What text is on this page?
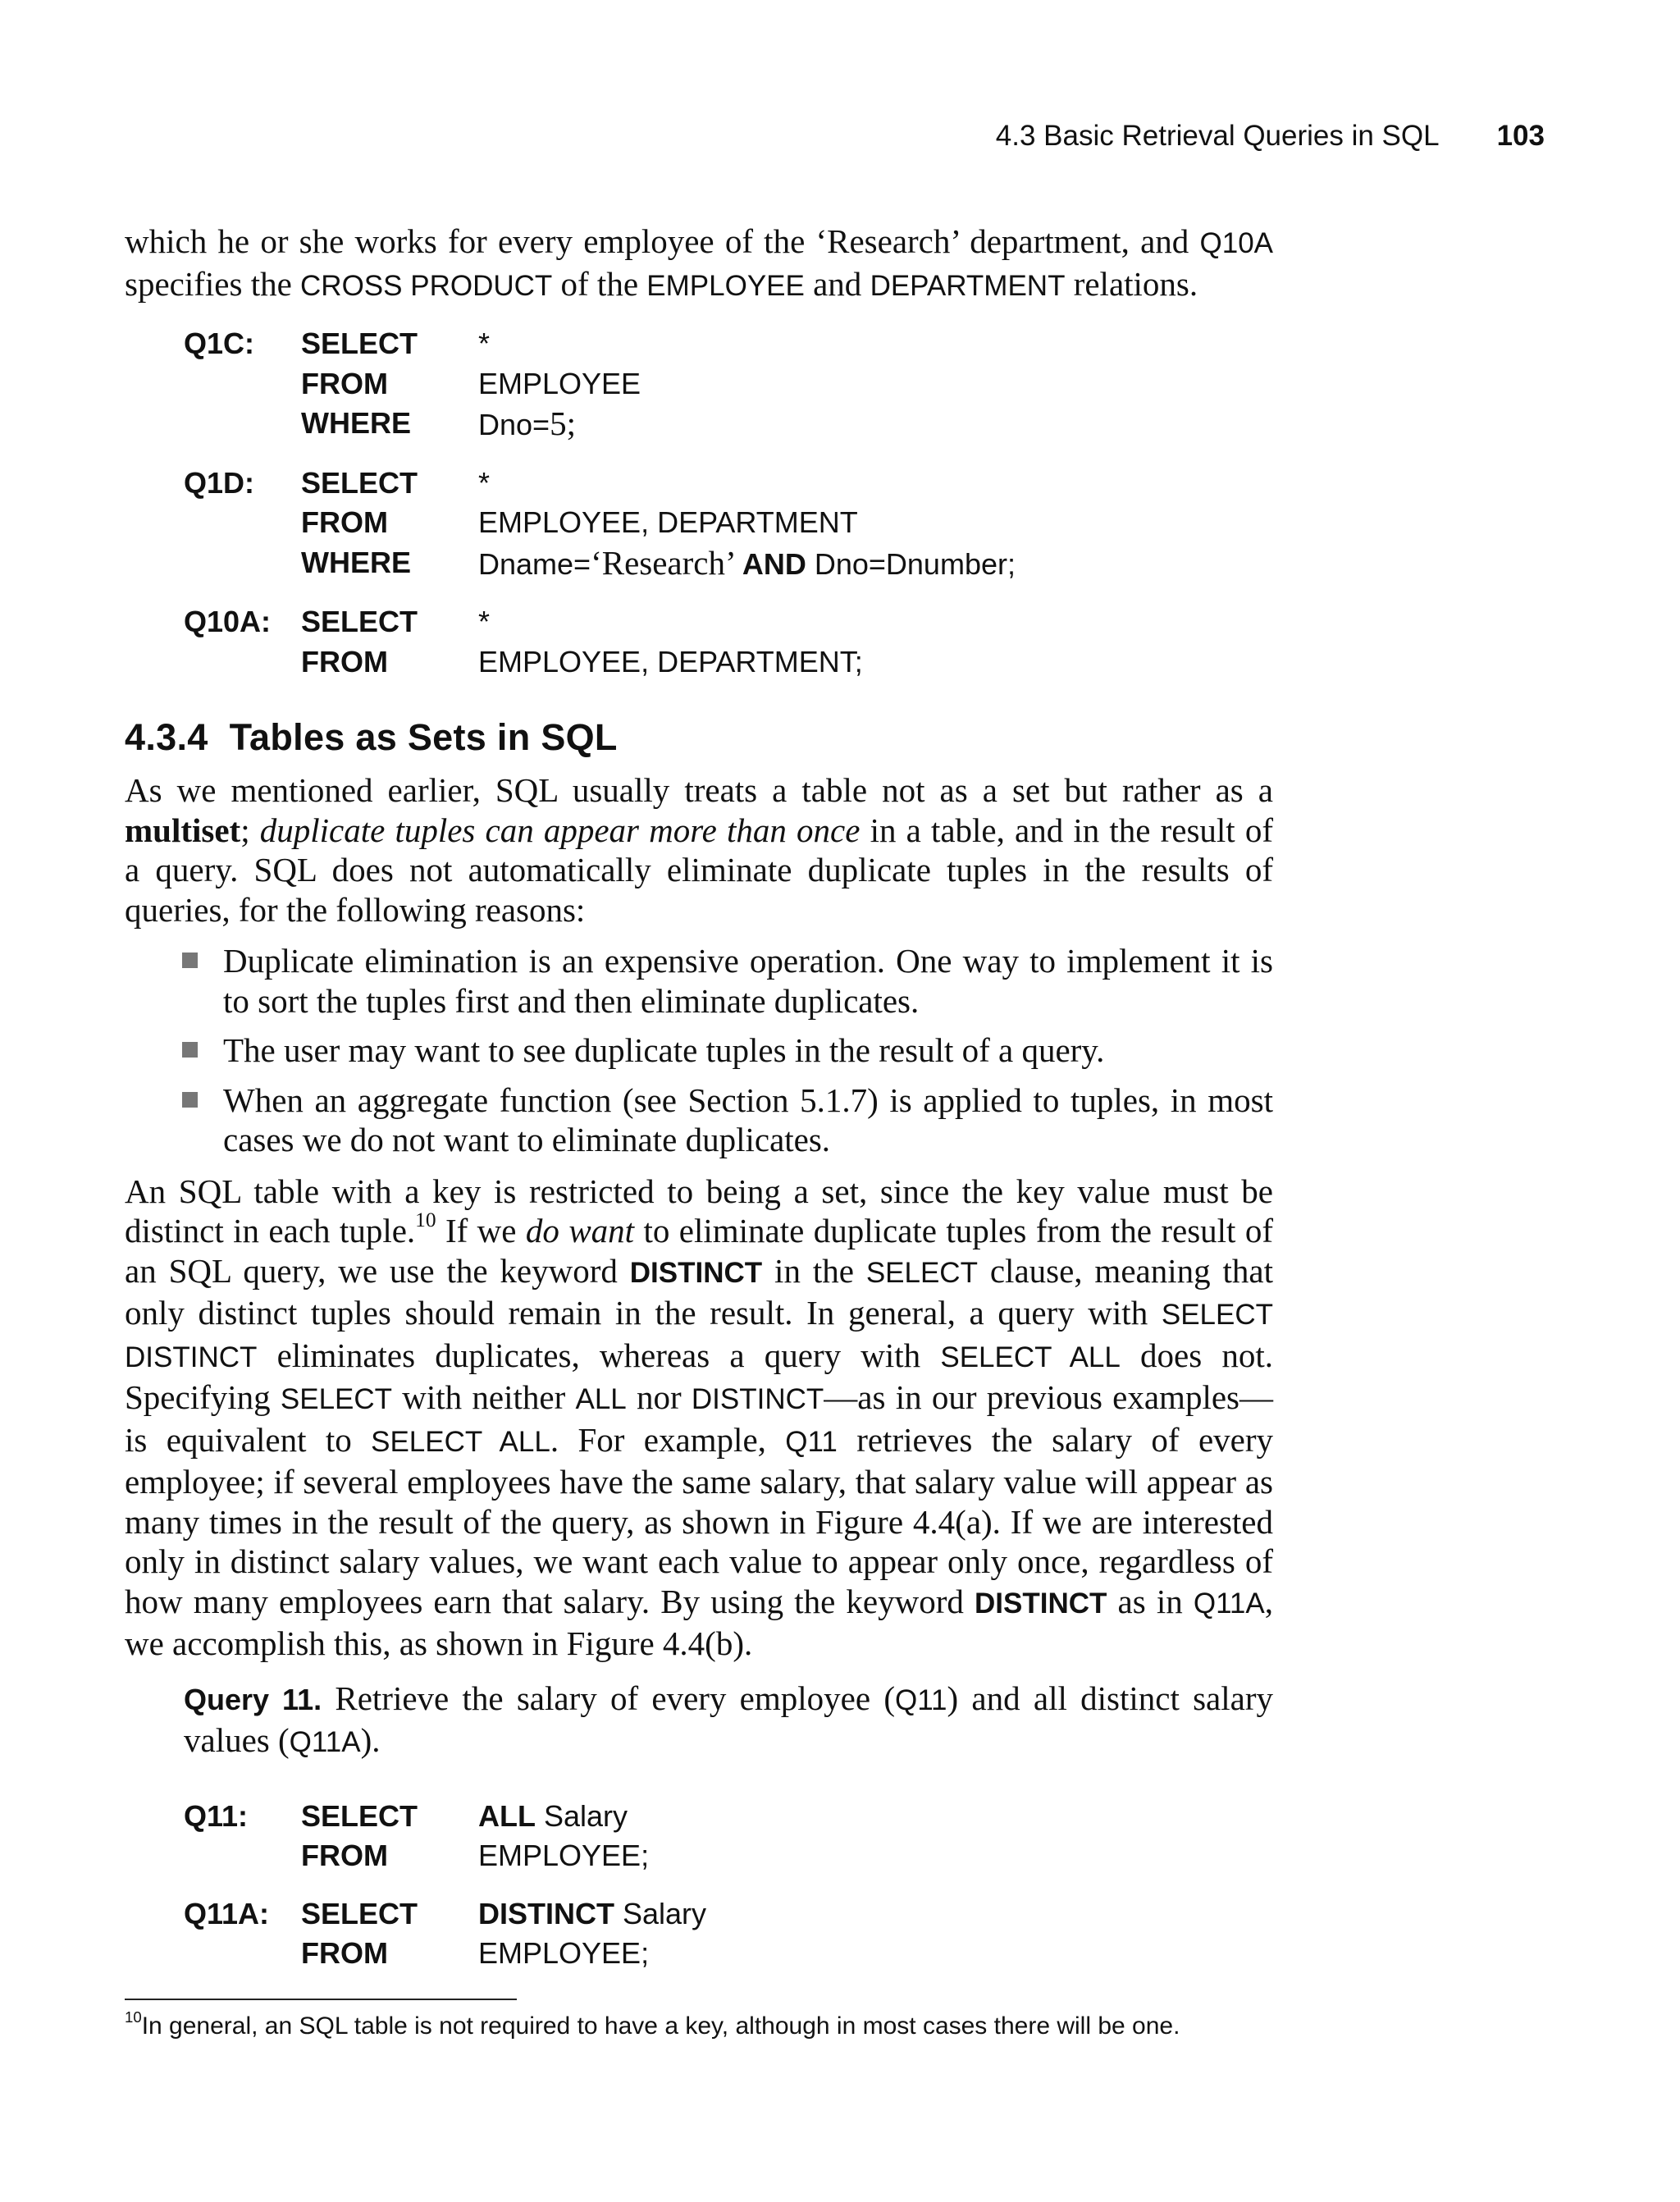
4.3 Basic Retrieval Queries in SQL 103

which he or she works for every employee of the ‘Research’ department, and Q10A specifies the CROSS PRODUCT of the EMPLOYEE and DEPARTMENT relations.

Q1C:	SELECT	*
FROM	EMPLOYEE
WHERE	Dno=5;
Q1D:	SELECT	*
FROM	EMPLOYEE, DEPARTMENT
WHERE	Dname=‘Research’ AND Dno=Dnumber;
Q10A:	SELECT	*
FROM	EMPLOYEE, DEPARTMENT;
4.3.4 Tables as Sets in SQL

As we mentioned earlier, SQL usually treats a table not as a set but rather as a multiset; duplicate tuples can appear more than once in a table, and in the result of a query. SQL does not automatically eliminate duplicate tuples in the results of queries, for the following reasons:

Duplicate elimination is an expensive operation. One way to implement it is to sort the tuples first and then eliminate duplicates.
The user may want to see duplicate tuples in the result of a query.
When an aggregate function (see Section 5.1.7) is applied to tuples, in most cases we do not want to eliminate duplicates.

An SQL table with a key is restricted to being a set, since the key value must be distinct in each tuple.$^{10}$ If we do want to eliminate duplicate tuples from the result of an SQL query, we use the keyword DISTINCT in the SELECT clause, meaning that only distinct tuples should remain in the result. In general, a query with SELECT DISTINCT eliminates duplicates, whereas a query with SELECT ALL does not. Specifying SELECT with neither ALL nor DISTINCT—as in our previous examples—is equivalent to SELECT ALL. For example, Q11 retrieves the salary of every employee; if several employees have the same salary, that salary value will appear as many times in the result of the query, as shown in Figure 4.4(a). If we are interested only in distinct salary values, we want each value to appear only once, regardless of how many employees earn that salary. By using the keyword DISTINCT as in Q11A, we accomplish this, as shown in Figure 4.4(b).

Query 11. Retrieve the salary of every employee (Q11) and all distinct salary values (Q11A).

Q11:	SELECT	ALL Salary
FROM	EMPLOYEE;
Q11A:	SELECT	DISTINCT Salary
FROM	EMPLOYEE;
$^{10}$In general, an SQL table is not required to have a key, although in most cases there will be one.
